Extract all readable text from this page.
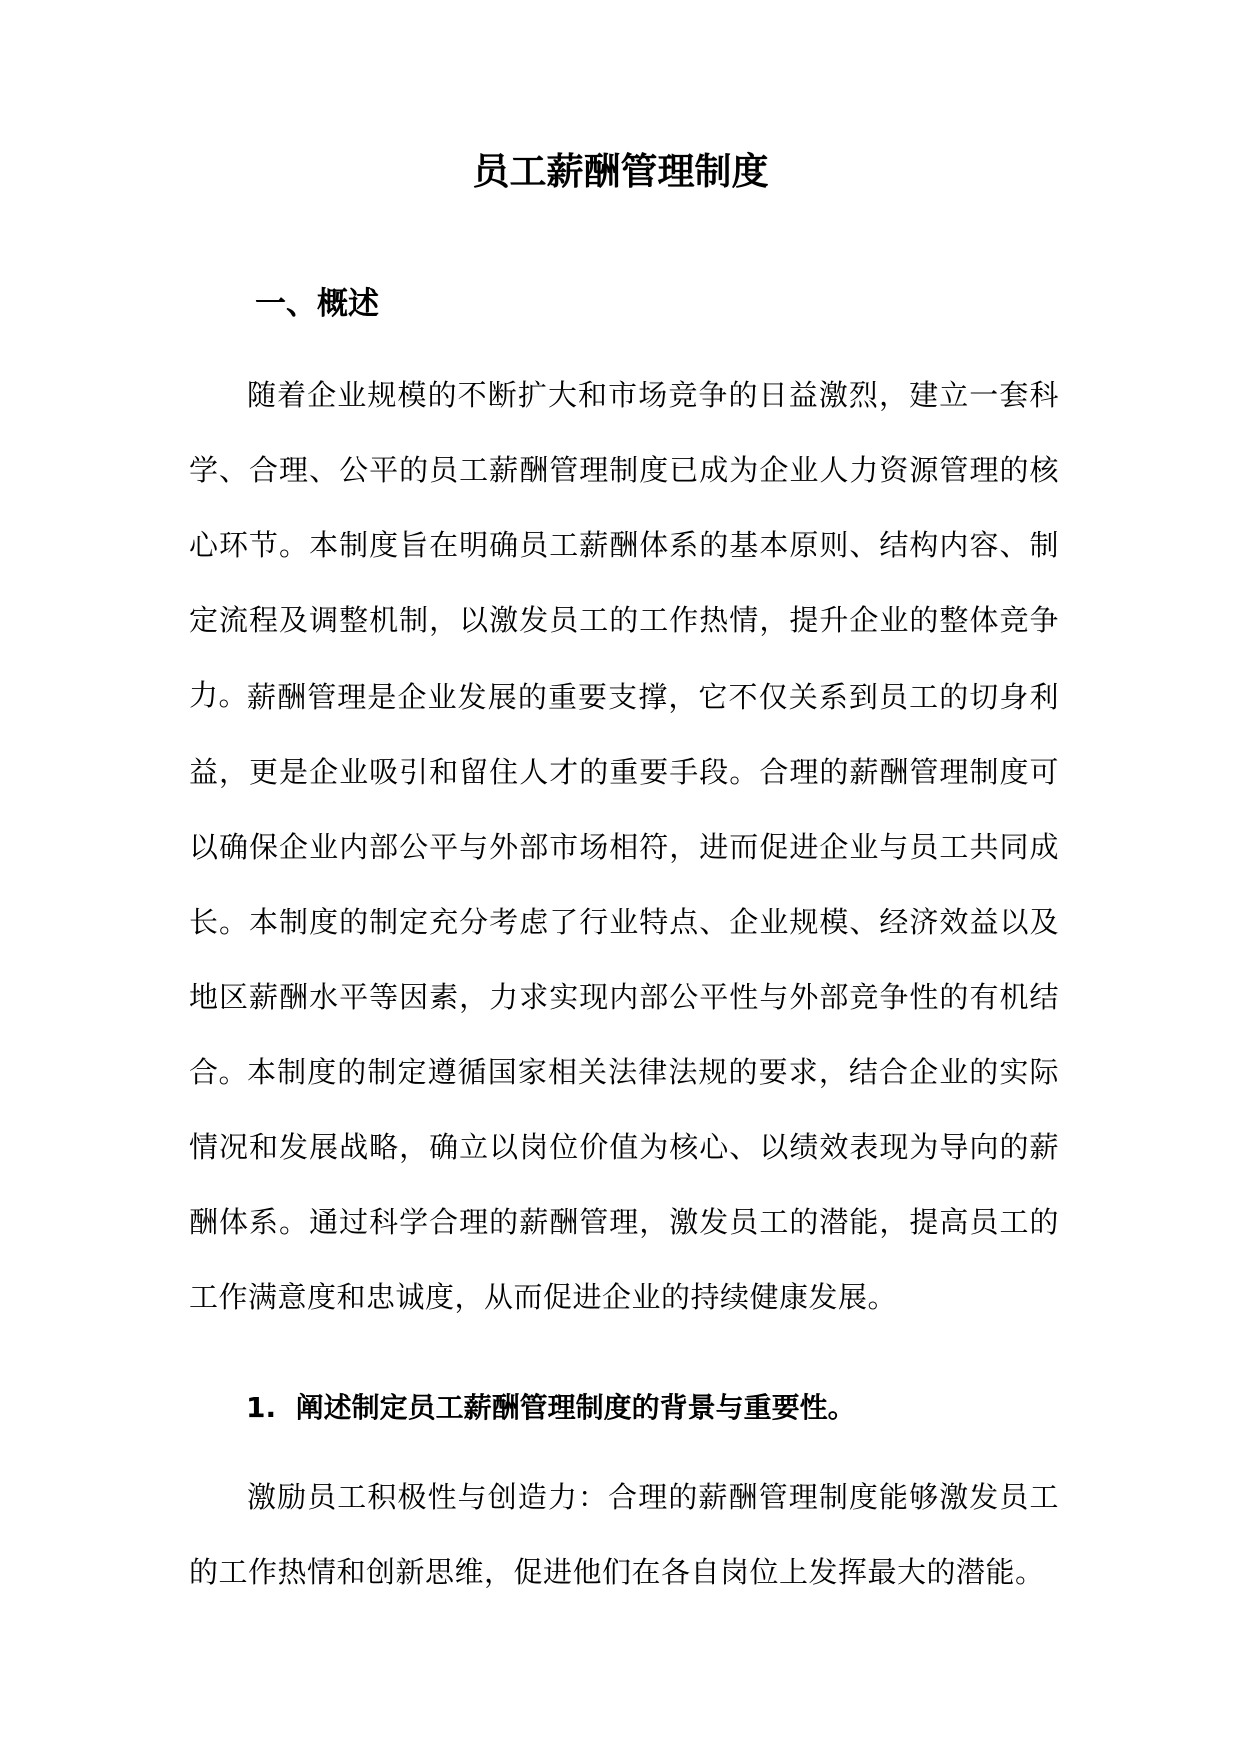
员工薪酬管理制度
一、概述

随着企业规模的不断扩大和市场竞争的日益激烈，建立一套科学、合理、公平的员工薪酬管理制度已成为企业人力资源管理的核心环节。本制度旨在明确员工薪酬体系的基本原则、结构内容、制定流程及调整机制，以激发员工的工作热情，提升企业的整体竞争力。

薪酬管理是企业发展的重要支撑，它不仅关系到员工的切身利益，更是企业吸引和留住人才的重要手段。合理的薪酬管理制度可以确保企业内部公平与外部市场相符，进而促进企业与员工共同成长。本制度的制定充分考虑了行业特点、企业规模、经济效益以及地区薪酬水平等因素，力求实现内部公平性与外部竞争性的有机结合。

本制度的制定遵循国家相关法律法规的要求，结合企业的实际情况和发展战略，确立以岗位价值为核心、以绩效表现为导向的薪酬体系。通过科学合理的薪酬管理，激发员工的潜能，提高员工的工作满意度和忠诚度，从而促进企业的持续健康发展。

1.  阐述制定员工薪酬管理制度的背景与重要性。

激励员工积极性与创造力：合理的薪酬管理制度能够激发员工的工作热情和创新思维，促进他们在各自岗位上发挥最大的潜能。
